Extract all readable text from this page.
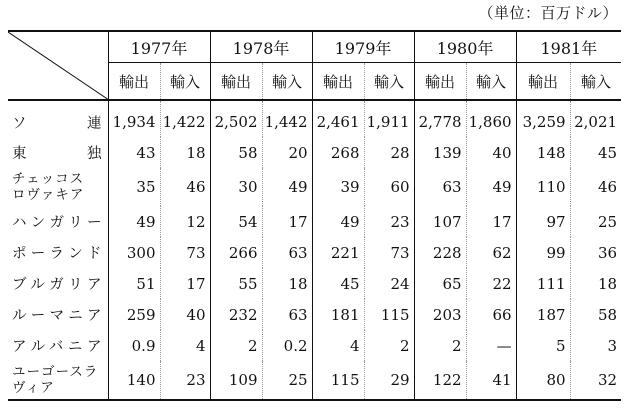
（単位：百万ドル）
	1977年		1978年		1979年		1980年		1981年	
	輸出	輸入	輸出	輸入	輸出	輸入	輸出	輸入	輸出	輸入
ソ　　連	1,934	1,422	2,502	1,442	2,461	1,911	2,778	1,860	3,259	2,021
東　　独	43	18	58	20	268	28	139	40	148	45

チェッコス
ロヴァキア	35	46	30	49	39	60	63	49	110	46
ハンガリー	49	12	54	17	49	23	107	17	97	25
ポーランド	300	73	266	63	221	73	228	62	99	36
ブルガリア	51	17	55	18	45	24	65	22	111	18
ルーマニア	259	40	232	63	181	115	203	66	187	58
アルバニア	0.9	4	2	0.2	4	2	2	—	5	3

ユーゴースラ
ヴィア	140	23	109	25	115	29	122	41	80	32
